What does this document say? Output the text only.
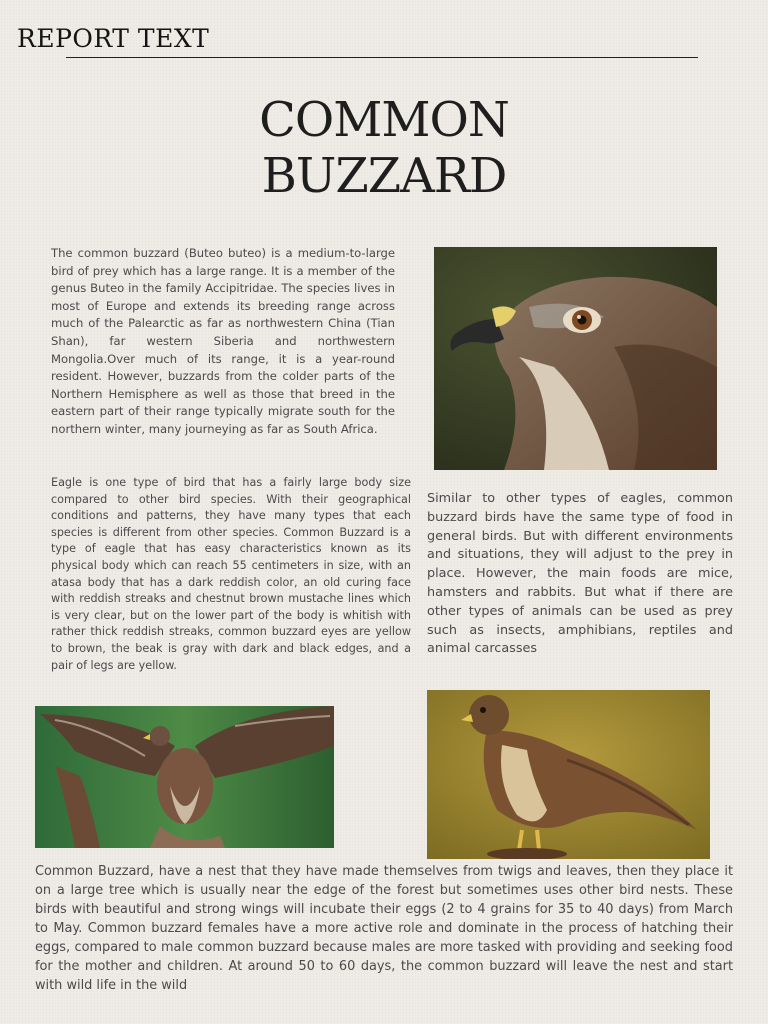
REPORT TEXT
COMMON
BUZZARD

The common buzzard (Buteo buteo) is a medium-to-large bird of prey which has a large range. It is a member of the genus Buteo in the family Accipitridae. The species lives in most of Europe and extends its breeding range across much of the Palearctic as far as northwestern China (Tian Shan), far western Siberia and northwestern Mongolia.Over much of its range, it is a year-round resident. However, buzzards from the colder parts of the Northern Hemisphere as well as those that breed in the eastern part of their range typically migrate south for the northern winter, many journeying as far as South Africa.

Eagle is one type of bird that has a fairly large body size compared to other bird species. With their geographical conditions and patterns, they have many types that each species is different from other species. Common Buzzard is a type of eagle that has easy characteristics known as its physical body which can reach 55 centimeters in size, with an atasa body that has a dark reddish color, an old curing face with reddish streaks and chestnut brown mustache lines which is very clear, but on the lower part of the body is whitish with rather thick reddish streaks, common buzzard eyes are yellow to brown, the beak is gray with dark and black edges, and a pair of legs are yellow.

Similar to other types of eagles, common buzzard birds have the same type of food in general birds. But with different environments and situations, they will adjust to the prey in place. However, the main foods are mice, hamsters and rabbits. But what if there are other types of animals can be used as prey such as insects, amphibians, reptiles and animal carcasses

Common Buzzard, have a nest that they have made themselves from twigs and leaves, then they place it on a large tree which is usually near the edge of the forest but sometimes uses other bird nests. These birds with beautiful and strong wings will incubate their eggs (2 to 4 grains for 35 to 40 days) from March to May. Common buzzard females have a more active role and dominate in the process of hatching their eggs, compared to male common buzzard because males are more tasked with providing and seeking food for the mother and children. At around 50 to 60 days, the common buzzard will leave the nest and start with wild life in the wild
